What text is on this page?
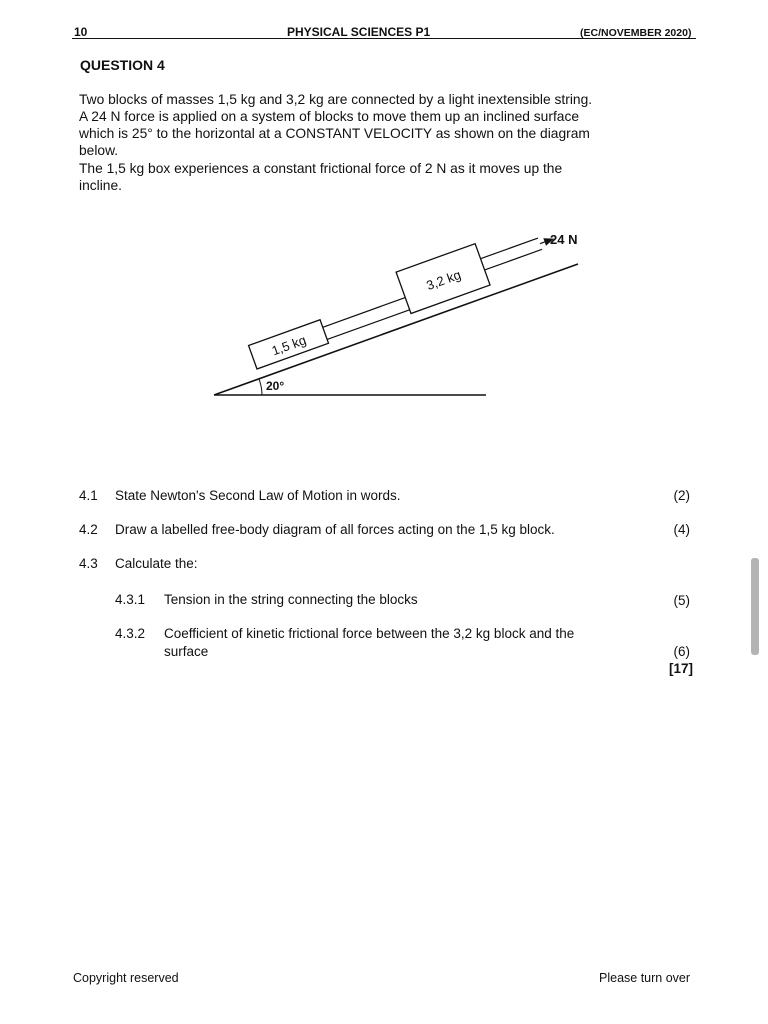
10	PHYSICAL SCIENCES P1	(EC/NOVEMBER 2020)
QUESTION 4
Two blocks of masses 1,5 kg and 3,2 kg are connected by a light inextensible string.
A 24 N force is applied on a system of blocks to move them up an inclined surface
which is 25° to the horizontal at a CONSTANT VELOCITY as shown on the diagram
below.
The 1,5 kg box experiences a constant frictional force of 2 N as it moves up the
incline.
1,5 kg
3,2 kg
24 N
20°
4.1 State Newton's Second Law of Motion in words.	(2)
4.2 Draw a labelled free-body diagram of all forces acting on the 1,5 kg block.	(4)
4.3 Calculate the:
4.3.1 Tension in the string connecting the blocks	(5)
4.3.2 Coefficient of kinetic frictional force between the 3,2 kg block and the
surface	(6)
[17]
Copyright reserved	Please turn over
